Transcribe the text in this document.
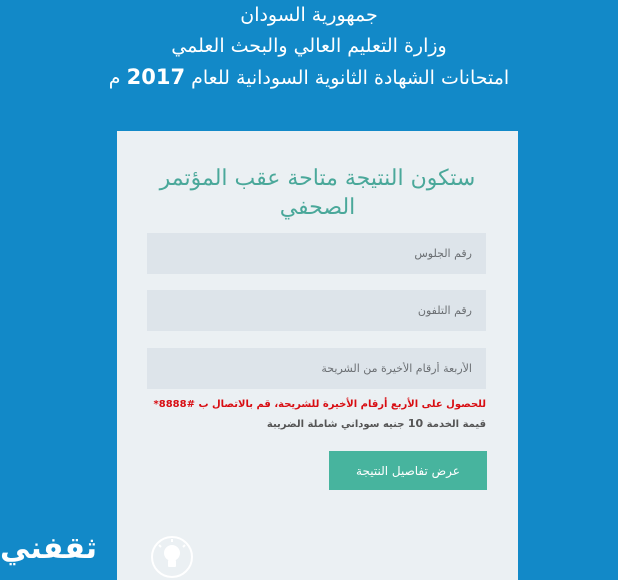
جمهورية السودان
وزارة التعليم العالي والبحث العلمي
امتحانات الشهادة الثانوية السودانية للعام 2017 م
ستكون النتيجة متاحة عقب المؤتمر الصحفي
رقم الجلوس
رقم التلفون
الأربعة أرقام الأخيرة من الشريحة
للحصول على الأربع أرقام الأخيرة للشريحة، قم بالاتصال ب #8888*
قيمة الخدمة 10 جنيه سوداني شاملة الضريبة
عرض تفاصيل النتيجة
ثقفني
